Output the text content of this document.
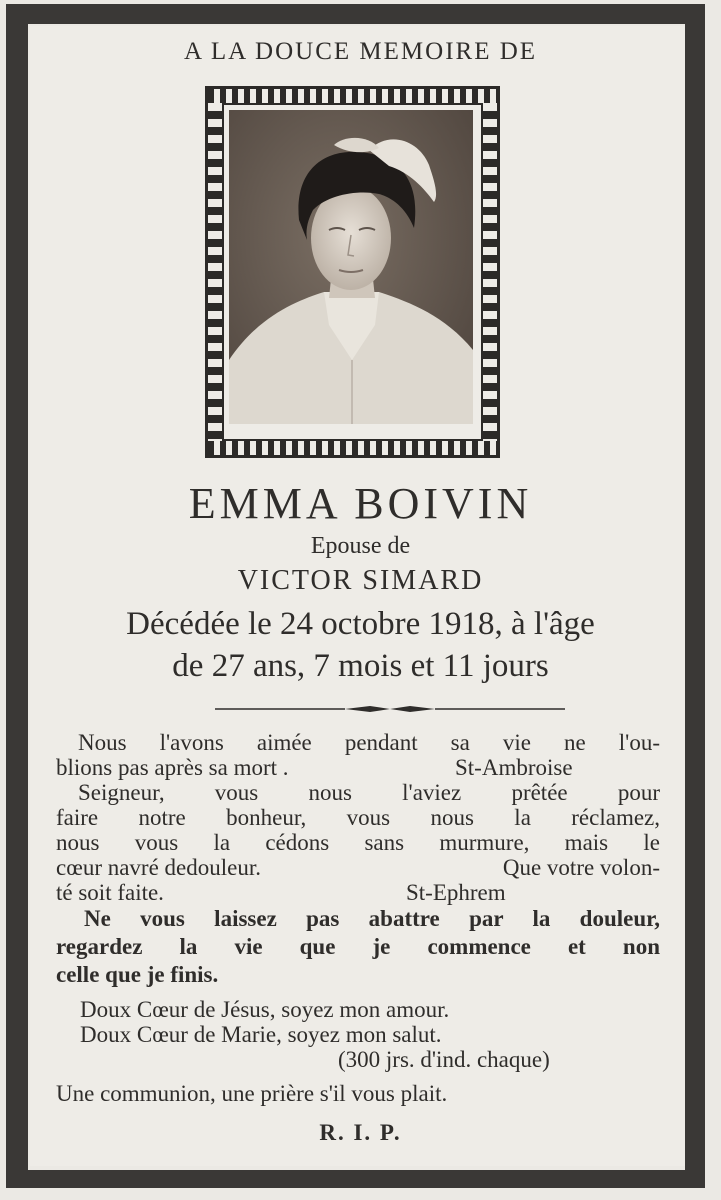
A LA DOUCE MEMOIRE DE
EMMA BOIVIN
Epouse de
VICTOR SIMARD
Décédée le 24 octobre 1918, à l'âge
de 27 ans, 7 mois et 11 jours
Nous l'avons aimée pendant sa vie ne l'ou-
blions pas après sa mort .	St-Ambroise
Seigneur, vous nous l'aviez prêtée pour
faire notre bonheur, vous nous la réclamez,
nous vous la cédons sans murmure, mais le
cœur navré dedouleur.	Que votre volon-
té soit faite.	St-Ephrem
Ne vous laissez pas abattre par la douleur,
regardez la vie que je commence et non
celle que je finis.
Doux Cœur de Jésus, soyez mon amour.
Doux Cœur de Marie, soyez mon salut.
(300 jrs. d'ind. chaque)
Une communion, une prière s'il vous plait.
R. I. P.
